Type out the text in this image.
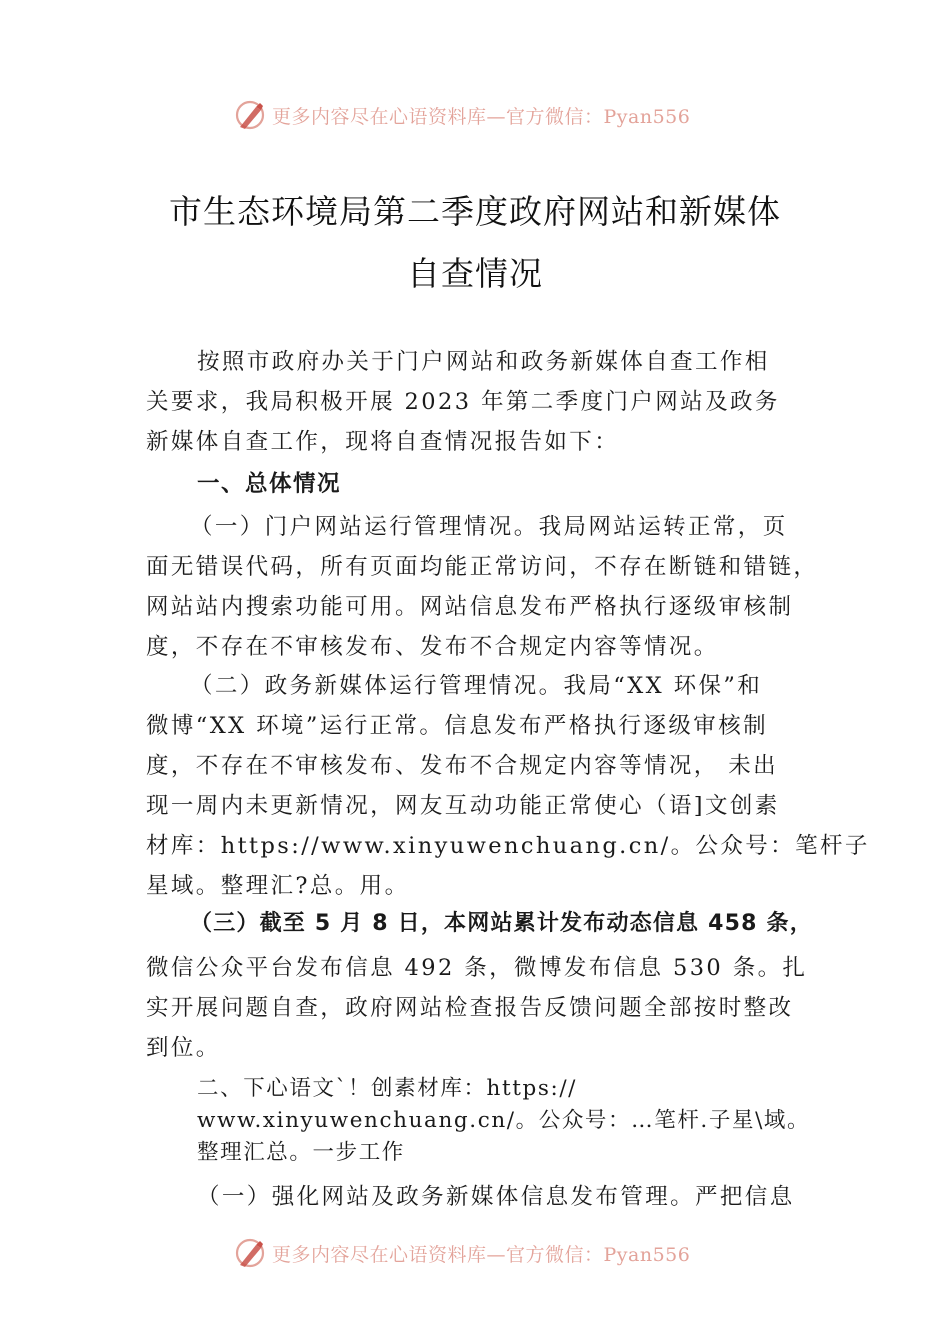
更多内容尽在心语资料库—官方微信：Pyan556
市生态环境局第二季度政府网站和新媒体
自查情况
按照市政府办关于门户网站和政务新媒体自查工作相
关要求，我局积极开展 2023 年第二季度门户网站及政务
新媒体自查工作，现将自查情况报告如下：
一、总体情况
（一）门户网站运行管理情况。我局网站运转正常，页
面无错误代码，所有页面均能正常访问，不存在断链和错链，
网站站内搜索功能可用。网站信息发布严格执行逐级审核制
度，不存在不审核发布、发布不合规定内容等情况。
（二）政务新媒体运行管理情况。我局“XX 环保”和
微博“XX 环境”运行正常。信息发布严格执行逐级审核制
度，不存在不审核发布、发布不合规定内容等情况， 未出
现一周内未更新情况，网友互动功能正常使心（语]文创素
材库：https://www.xinyuwenchuang.cn/。公众号：笔杆子
星域。整理汇?总。用。
（三）截至 5 月 8 日，本网站累计发布动态信息 458 条，
微信公众平台发布信息 492 条，微博发布信息 530 条。扎
实开展问题自查，政府网站检查报告反馈问题全部按时整改
到位。
二、下心语文`！创素材库：https://
www.xinyuwenchuang.cn/。公众号：…笔杆.子星\域。
整理汇总。一步工作
（一）强化网站及政务新媒体信息发布管理。严把信息
更多内容尽在心语资料库—官方微信：Pyan556
